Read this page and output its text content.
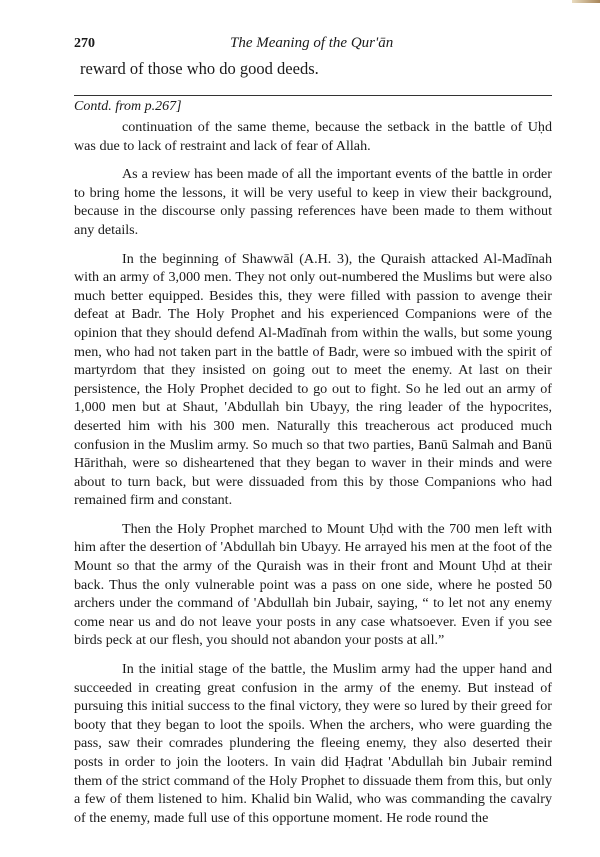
270	The Meaning of the Qur'ān
reward of those who do good deeds.
Contd. from p.267]

continuation of the same theme, because the setback in the battle of Uḥd was due to lack of restraint and lack of fear of Allah.

As a review has been made of all the important events of the battle in order to bring home the lessons, it will be very useful to keep in view their background, because in the discourse only passing references have been made to them without any details.

In the beginning of Shawwāl (A.H. 3), the Quraish attacked Al-Madīnah with an army of 3,000 men. They not only out-numbered the Muslims but were also much better equipped. Besides this, they were filled with passion to avenge their defeat at Badr. The Holy Prophet and his experienced Companions were of the opinion that they should defend Al-Madīnah from within the walls, but some young men, who had not taken part in the battle of Badr, were so imbued with the spirit of martyrdom that they insisted on going out to meet the enemy. At last on their persistence, the Holy Prophet decided to go out to fight. So he led out an army of 1,000 men but at Shaut, 'Abdullah bin Ubayy, the ring leader of the hypocrites, deserted him with his 300 men. Naturally this treacherous act produced much confusion in the Muslim army. So much so that two parties, Banū Salmah and Banū Hārithah, were so disheartened that they began to waver in their minds and were about to turn back, but were dissuaded from this by those Companions who had remained firm and constant.

Then the Holy Prophet marched to Mount Uḥd with the 700 men left with him after the desertion of 'Abdullah bin Ubayy. He arrayed his men at the foot of the Mount so that the army of the Quraish was in their front and Mount Uḥd at their back. Thus the only vulnerable point was a pass on one side, where he posted 50 archers under the command of 'Abdullah bin Jubair, saying, “ to let not any enemy come near us and do not leave your posts in any case whatsoever. Even if you see birds peck at our flesh, you should not abandon your posts at all.”

In the initial stage of the battle, the Muslim army had the upper hand and succeeded in creating great confusion in the army of the enemy. But instead of pursuing this initial success to the final victory, they were so lured by their greed for booty that they began to loot the spoils. When the archers, who were guarding the pass, saw their comrades plundering the fleeing enemy, they also deserted their posts in order to join the looters. In vain did Ḥaḍrat 'Abdullah bin Jubair remind them of the strict command of the Holy Prophet to dissuade them from this, but only a few of them listened to him. Khalid bin Walid, who was commanding the cavalry of the enemy, made full use of this opportune moment. He rode round the
